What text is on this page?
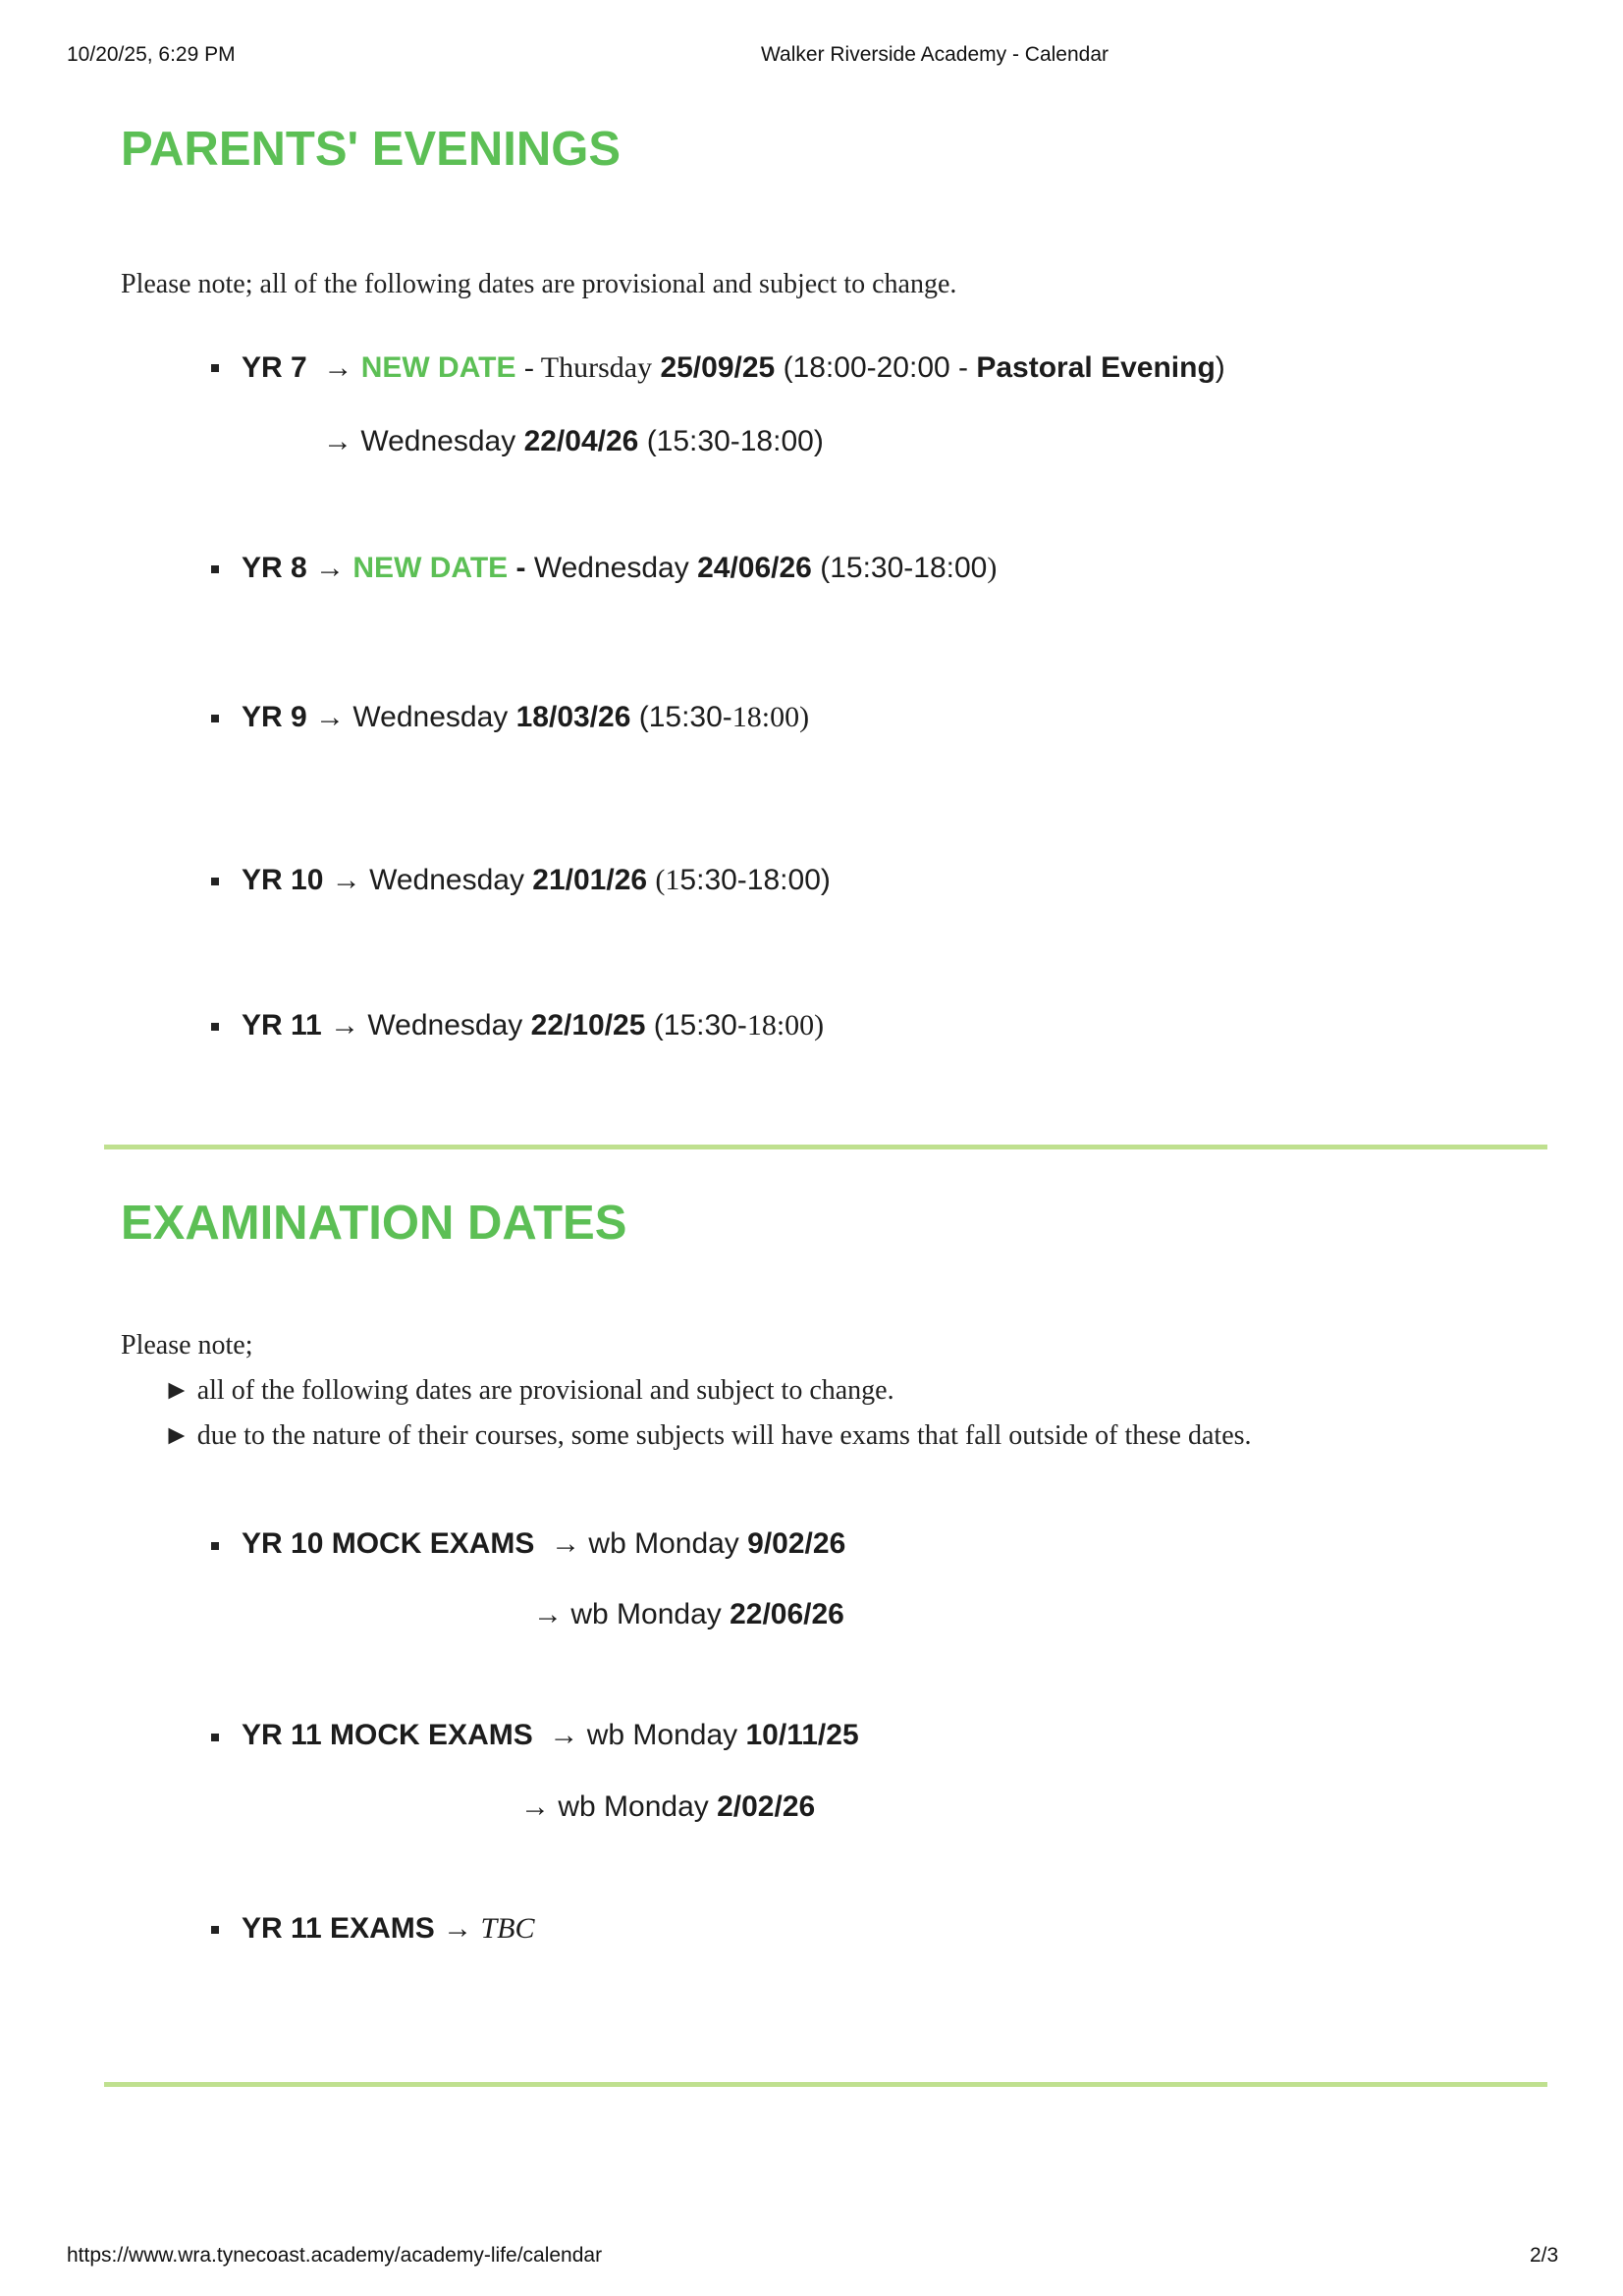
10/20/25, 6:29 PM	Walker Riverside Academy - Calendar
PARENTS' EVENINGS
Please note; all of the following dates are provisional and subject to change.
YR 7 → NEW DATE - Thursday 25/09/25 (18:00-20:00 - Pastoral Evening)
→ Wednesday 22/04/26 (15:30-18:00)
YR 8 → NEW DATE - Wednesday 24/06/26 (15:30-18:00)
YR 9 → Wednesday 18/03/26 (15:30-18:00)
YR 10 → Wednesday 21/01/26 (15:30-18:00)
YR 11 → Wednesday 22/10/25 (15:30-18:00)
EXAMINATION DATES
Please note;
► all of the following dates are provisional and subject to change.
► due to the nature of their courses, some subjects will have exams that fall outside of these dates.
YR 10 MOCK EXAMS → wb Monday 9/02/26
→ wb Monday 22/06/26
YR 11 MOCK EXAMS → wb Monday 10/11/25
→ wb Monday 2/02/26
YR 11 EXAMS → TBC
https://www.wra.tynecoast.academy/academy-life/calendar	2/3
